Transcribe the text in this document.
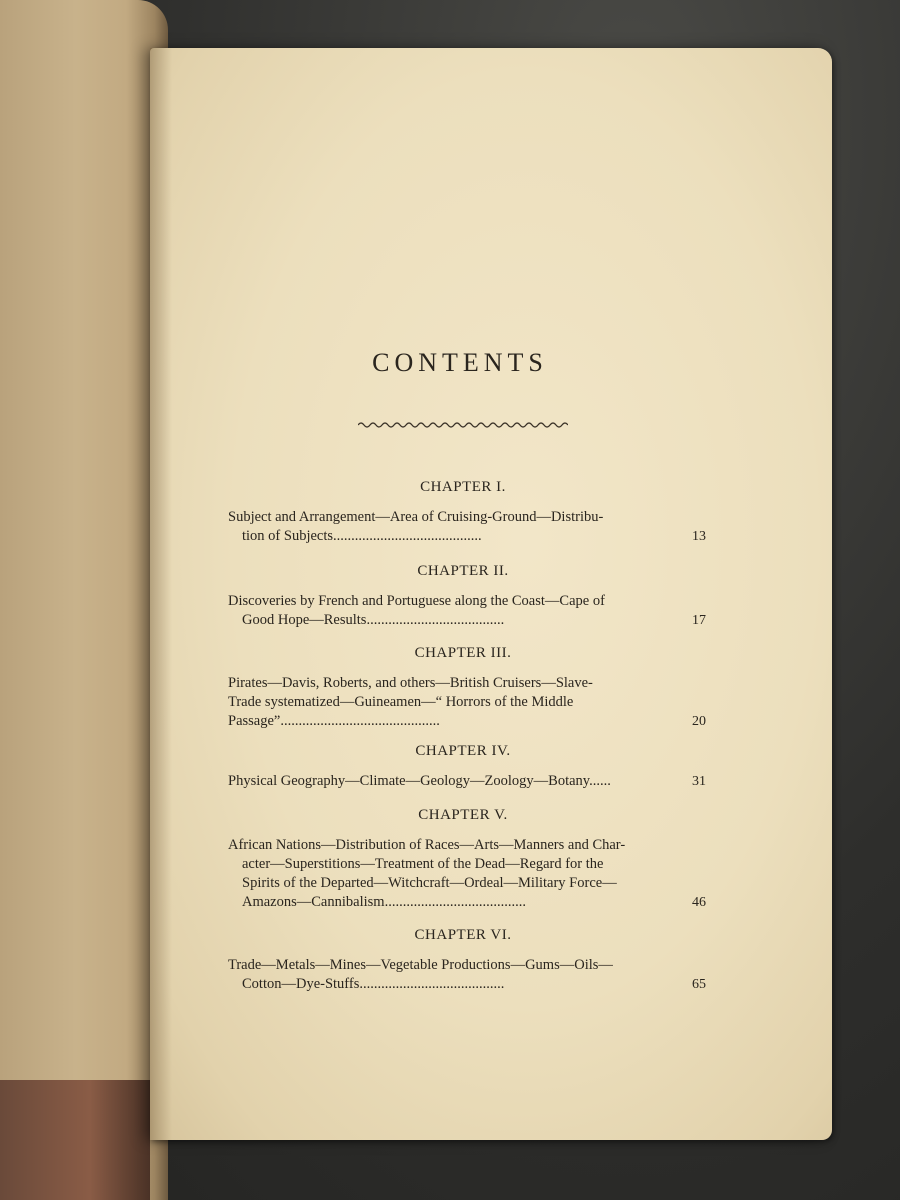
CONTENTS

CHAPTER I.

Subject and Arrangement—Area of Cruising-Ground—Distribu-
tion of Subjects.........................................	13

CHAPTER II.

Discoveries by French and Portuguese along the Coast—Cape of
Good Hope—Results......................................	17

CHAPTER III.

Pirates—Davis, Roberts, and others—British Cruisers—Slave-
Trade systematized—Guineamen—“ Horrors of the Middle
Passage”............................................	20

CHAPTER IV.

Physical Geography—Climate—Geology—Zoology—Botany......	31

CHAPTER V.

African Nations—Distribution of Races—Arts—Manners and Char-
acter—Superstitions—Treatment of the Dead—Regard for the
Spirits of the Departed—Witchcraft—Ordeal—Military Force—
Amazons—Cannibalism.......................................	46

CHAPTER VI.

Trade—Metals—Mines—Vegetable Productions—Gums—Oils—
Cotton—Dye-Stuffs........................................	65
